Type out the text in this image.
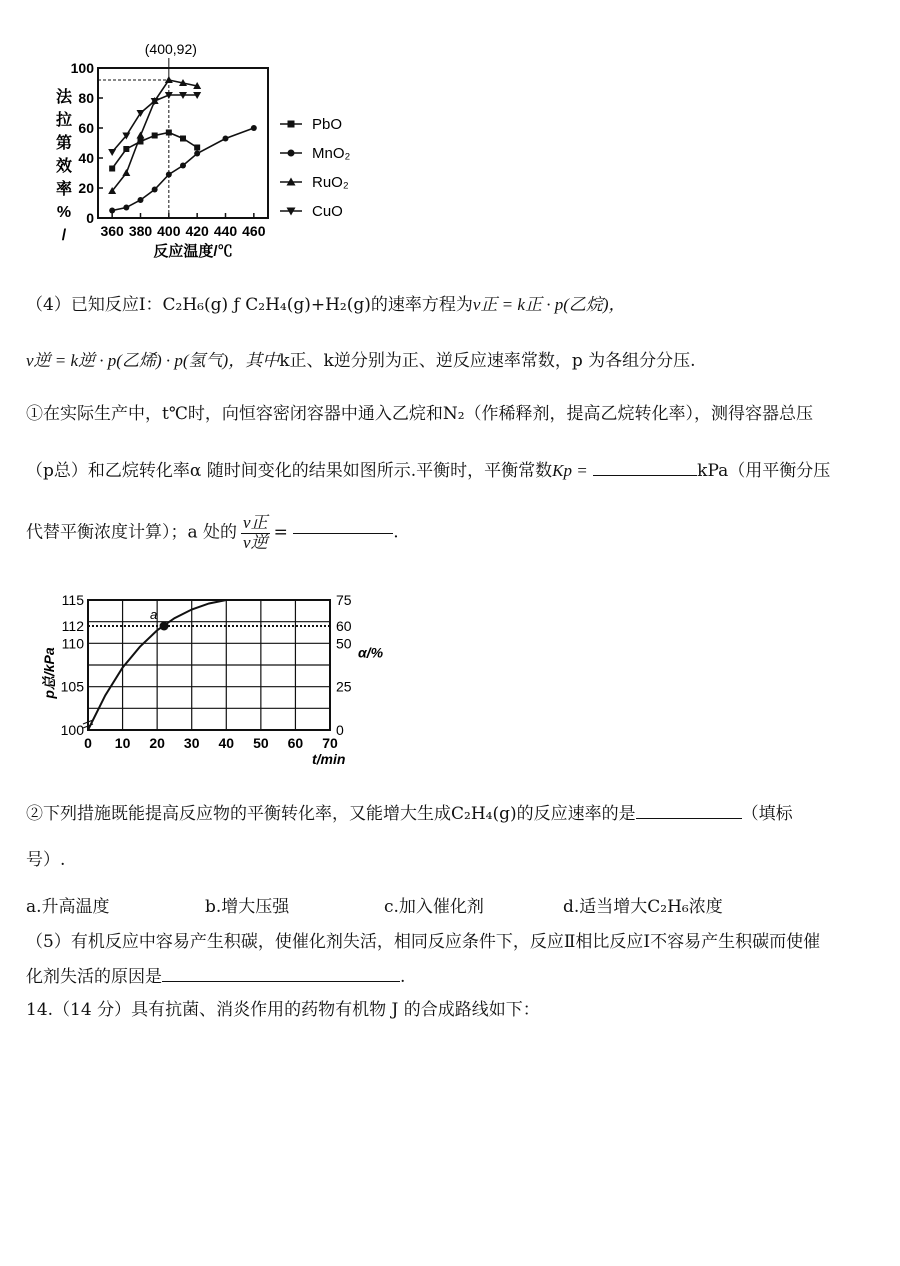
360 380 400 420 440 460
0
20
40
60
80
100
PbO
MnO₂
RuO₂
CuO
(400,92)
反应温度/℃
法
拉
第
效
率
%
/
（4）已知反应Ⅰ：C₂H₆(g) ƒ C₂H₄(g)+H₂(g)的速率方程为v正 = k正 · p(乙烷)，
v逆 = k逆 · p(乙烯) · p(氢气)，其中k正、k逆分别为正、逆反应速率常数，p 为各组分分压.
①在实际生产中，t℃时，向恒容密闭容器中通入乙烷和N₂（作稀释剂，提高乙烷转化率），测得容器总压
（p总）和乙烷转化率α 随时间变化的结果如图所示.平衡时，平衡常数Kp =	kPa（用平衡分压
代替平衡浓度计算）；a 处的 $\frac{\text{v正}}{\text{v逆}}$ =	.
0 10 20 30 40 50 60 70
100
105
110
112
115
0
25
50
60
75
a
t/min
p总/kPa	α/%
②下列措施既能提高反应物的平衡转化率，又能增大生成C₂H₄(g)的反应速率的是	（填标
号）.
a.升高温度	b.增大压强	c.加入催化剂	d.适当增大C₂H₆浓度
（5）有机反应中容易产生积碳，使催化剂失活，相同反应条件下，反应Ⅱ相比反应Ⅰ不容易产生积碳而使催
化剂失活的原因是	.
14.（14 分）具有抗菌、消炎作用的药物有机物 J 的合成路线如下：
